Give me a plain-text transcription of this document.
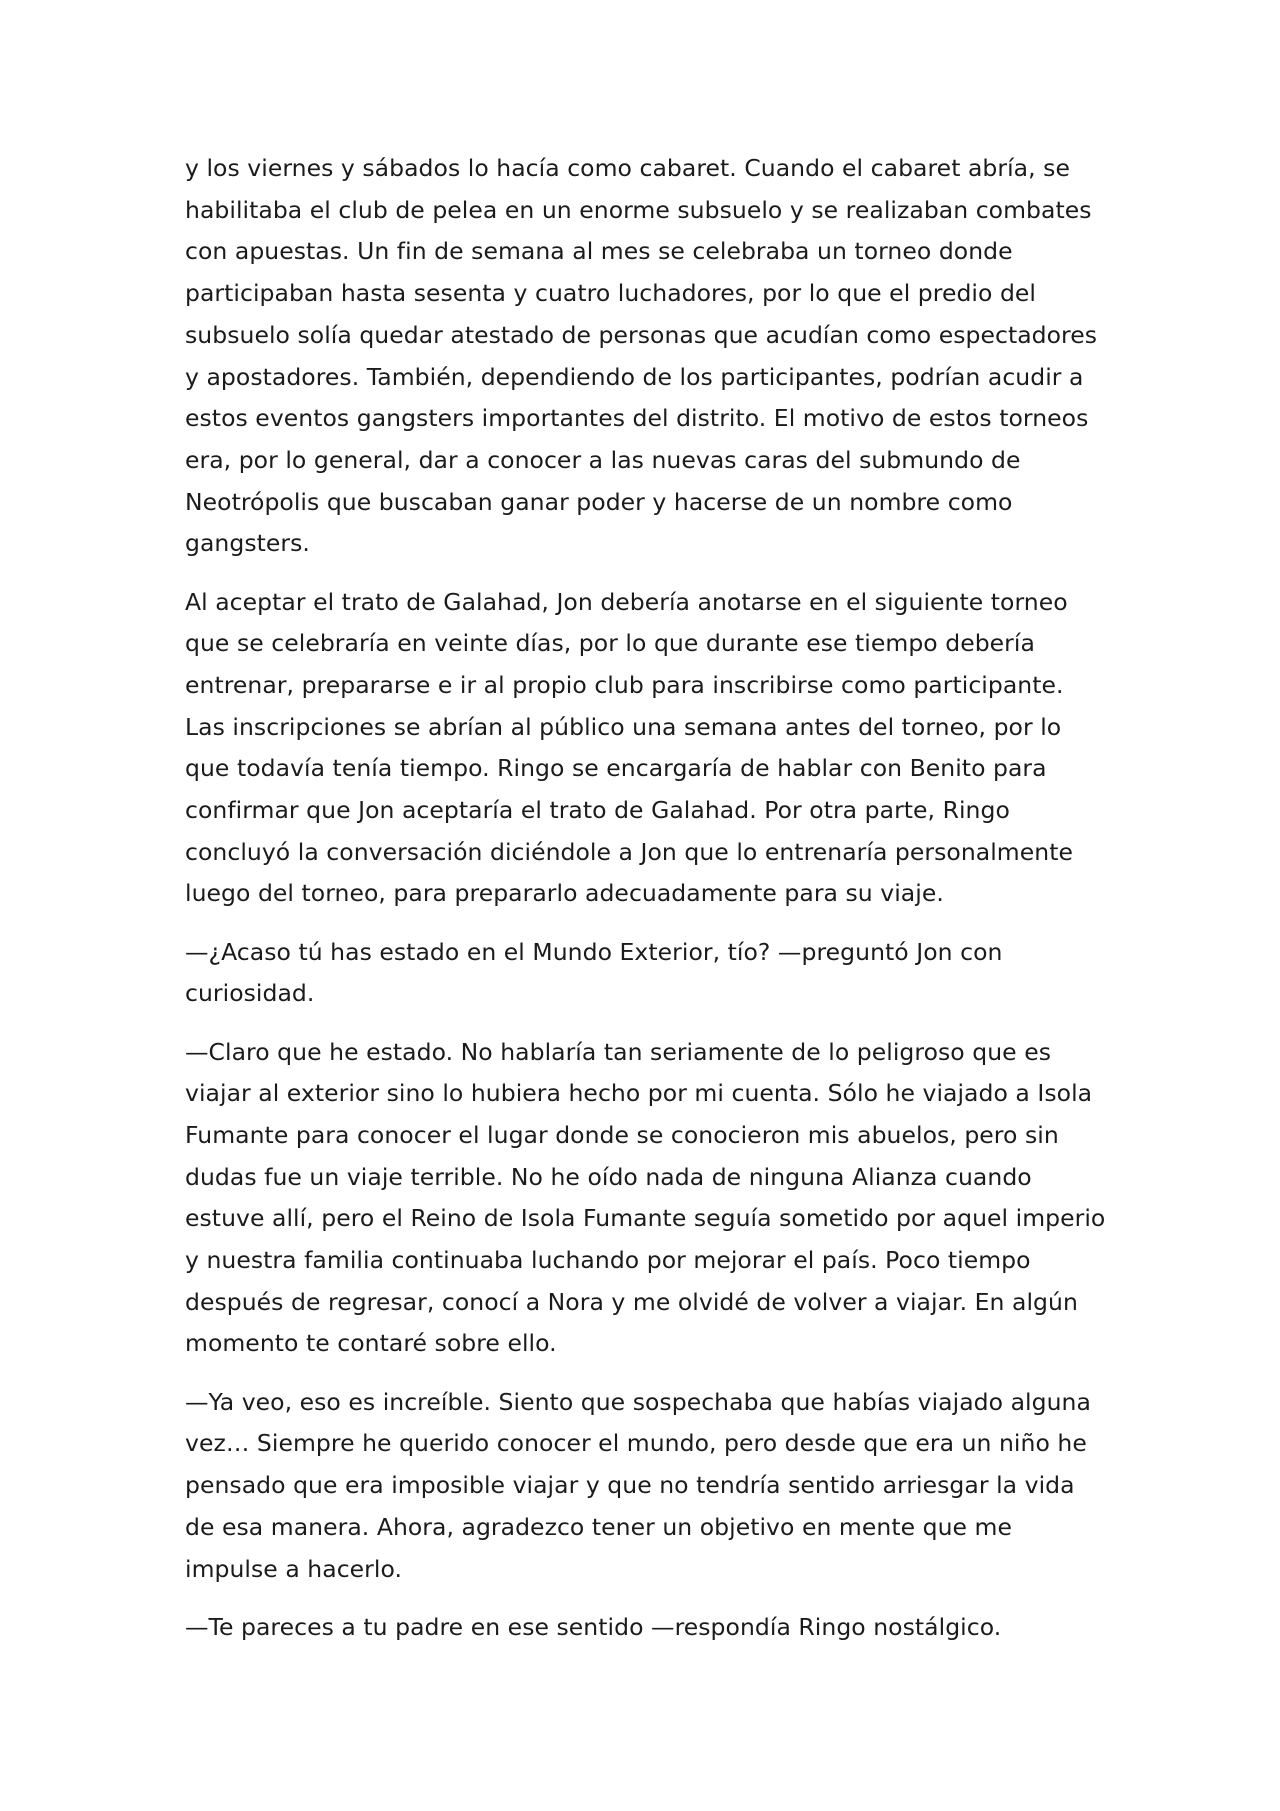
y los viernes y sábados lo hacía como cabaret. Cuando el cabaret abría, se habilitaba el club de pelea en un enorme subsuelo y se realizaban combates con apuestas. Un fin de semana al mes se celebraba un torneo donde participaban hasta sesenta y cuatro luchadores, por lo que el predio del subsuelo solía quedar atestado de personas que acudían como espectadores y apostadores. También, dependiendo de los participantes, podrían acudir a estos eventos gangsters importantes del distrito. El motivo de estos torneos era, por lo general, dar a conocer a las nuevas caras del submundo de Neotrópolis que buscaban ganar poder y hacerse de un nombre como gangsters.

Al aceptar el trato de Galahad, Jon debería anotarse en el siguiente torneo que se celebraría en veinte días, por lo que durante ese tiempo debería entrenar, prepararse e ir al propio club para inscribirse como participante. Las inscripciones se abrían al público una semana antes del torneo, por lo que todavía tenía tiempo. Ringo se encargaría de hablar con Benito para confirmar que Jon aceptaría el trato de Galahad. Por otra parte, Ringo concluyó la conversación diciéndole a Jon que lo entrenaría personalmente luego del torneo, para prepararlo adecuadamente para su viaje.

—¿Acaso tú has estado en el Mundo Exterior, tío? —preguntó Jon con curiosidad.

—Claro que he estado. No hablaría tan seriamente de lo peligroso que es viajar al exterior sino lo hubiera hecho por mi cuenta. Sólo he viajado a Isola Fumante para conocer el lugar donde se conocieron mis abuelos, pero sin dudas fue un viaje terrible. No he oído nada de ninguna Alianza cuando estuve allí, pero el Reino de Isola Fumante seguía sometido por aquel imperio y nuestra familia continuaba luchando por mejorar el país. Poco tiempo después de regresar, conocí a Nora y me olvidé de volver a viajar. En algún momento te contaré sobre ello.

—Ya veo, eso es increíble. Siento que sospechaba que habías viajado alguna vez… Siempre he querido conocer el mundo, pero desde que era un niño he pensado que era imposible viajar y que no tendría sentido arriesgar la vida de esa manera. Ahora, agradezco tener un objetivo en mente que me impulse a hacerlo.

—Te pareces a tu padre en ese sentido —respondía Ringo nostálgico.
